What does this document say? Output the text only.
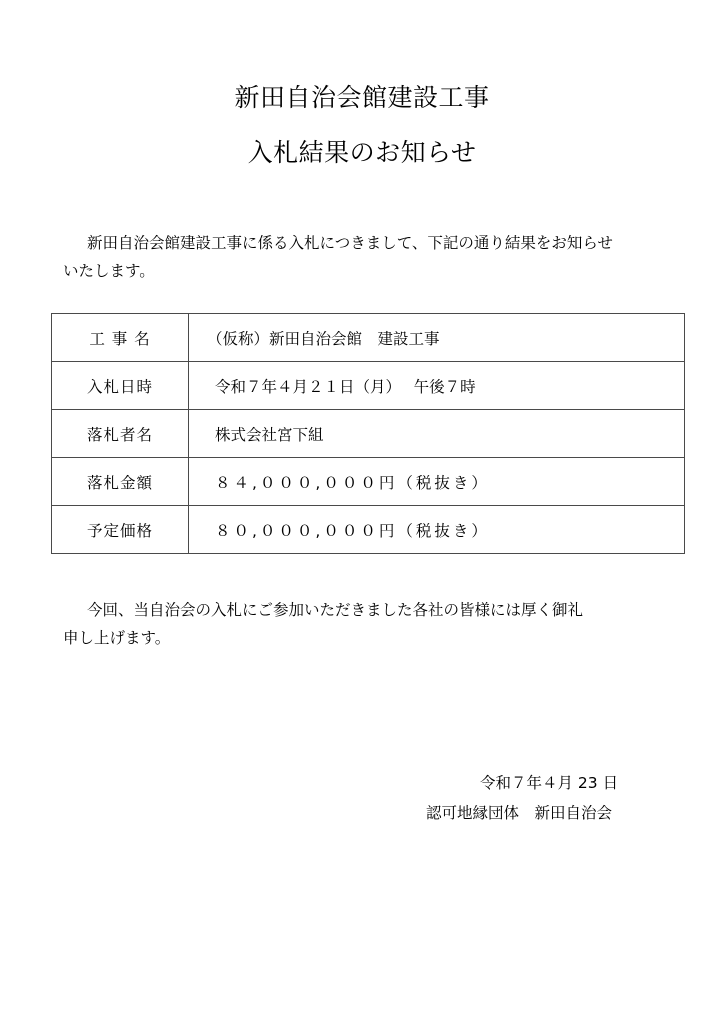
新田自治会館建設工事
入札結果のお知らせ

新田自治会館建設工事に係る入札につきまして、下記の通り結果をお知らせ
いたします。

工 事 名	（仮称）新田自治会館　建設工事
入札日時	令和７年４月２１日（月）　 午後７時
落札者名	株式会社宮下組
落札金額	８４,０００,０００円（税抜き）
予定価格	８０,０００,０００円（税抜き）

今回、当自治会の入札にご参加いただきました各社の皆様には厚く御礼
申し上げます。

令和７年４月 23 日
認可地縁団体　新田自治会
